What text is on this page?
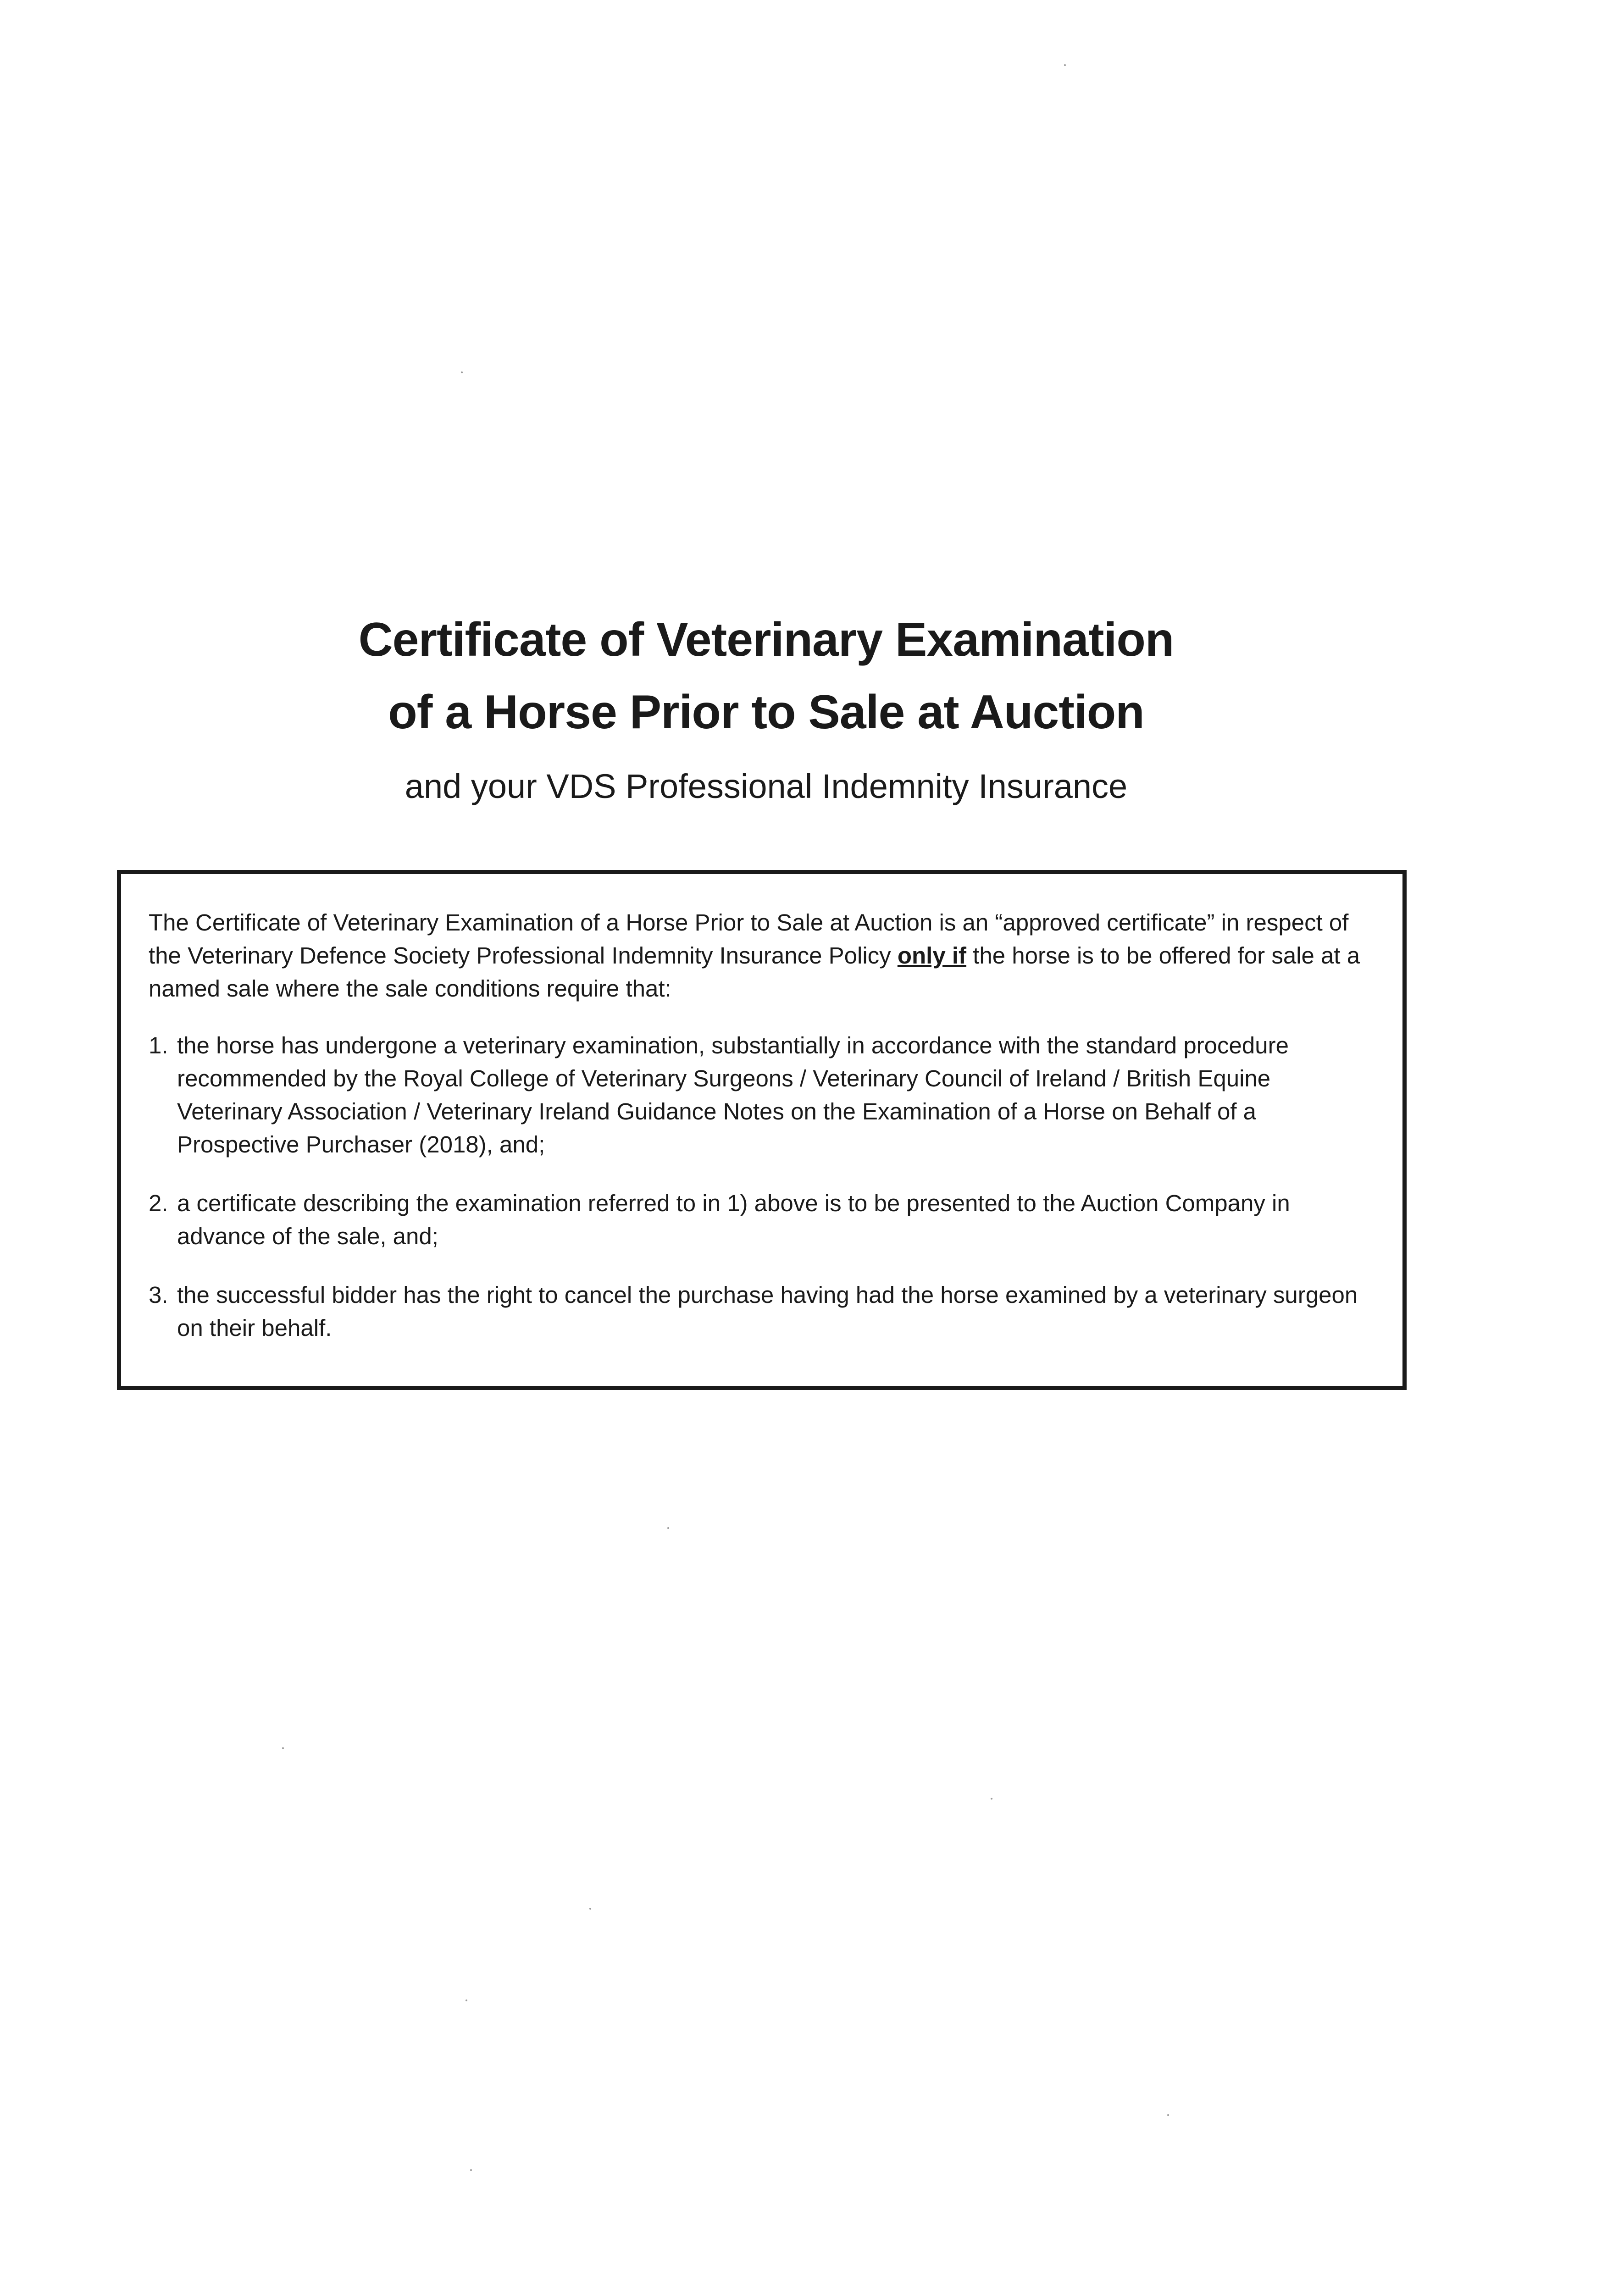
Certificate of Veterinary Examination
of a Horse Prior to Sale at Auction
and your VDS Professional Indemnity Insurance

The Certificate of Veterinary Examination of a Horse Prior to Sale at Auction is an “approved certificate” in respect of the Veterinary Defence Society Professional Indemnity Insurance Policy only if the horse is to be offered for sale at a named sale where the sale conditions require that:

1. the horse has undergone a veterinary examination, substantially in accordance with the standard procedure recommended by the Royal College of Veterinary Surgeons / Veterinary Council of Ireland / British Equine Veterinary Association / Veterinary Ireland Guidance Notes on the Examination of a Horse on Behalf of a Prospective Purchaser (2018), and;
2. a certificate describing the examination referred to in 1) above is to be presented to the Auction Company in advance of the sale, and;
3. the successful bidder has the right to cancel the purchase having had the horse examined by a veterinary surgeon on their behalf.
